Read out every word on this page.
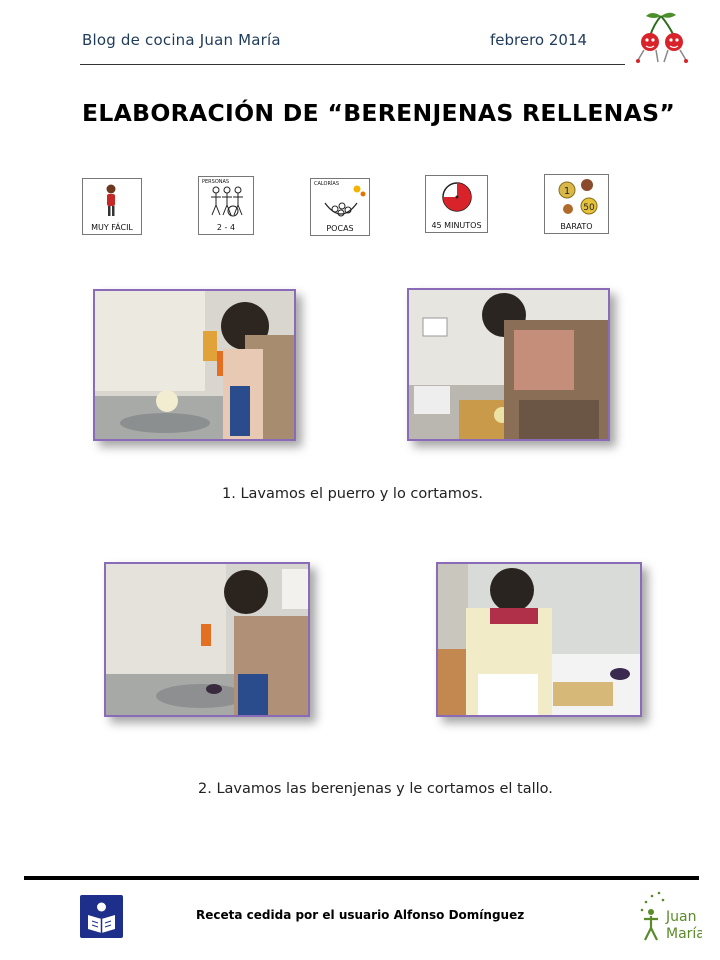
Blog de cocina Juan María	febrero 2014
ELABORACIÓN DE “BERENJENAS RELLENAS”
MUY FÁCIL
PERSONAS
2 - 4
CALORÍAS
POCAS	45 MINUTOS
1
50
BARATO
1. Lavamos el puerro y lo cortamos.
2. Lavamos las berenjenas y le cortamos el tallo.
Receta cedida por el usuario Alfonso Domínguez	Juan
María
